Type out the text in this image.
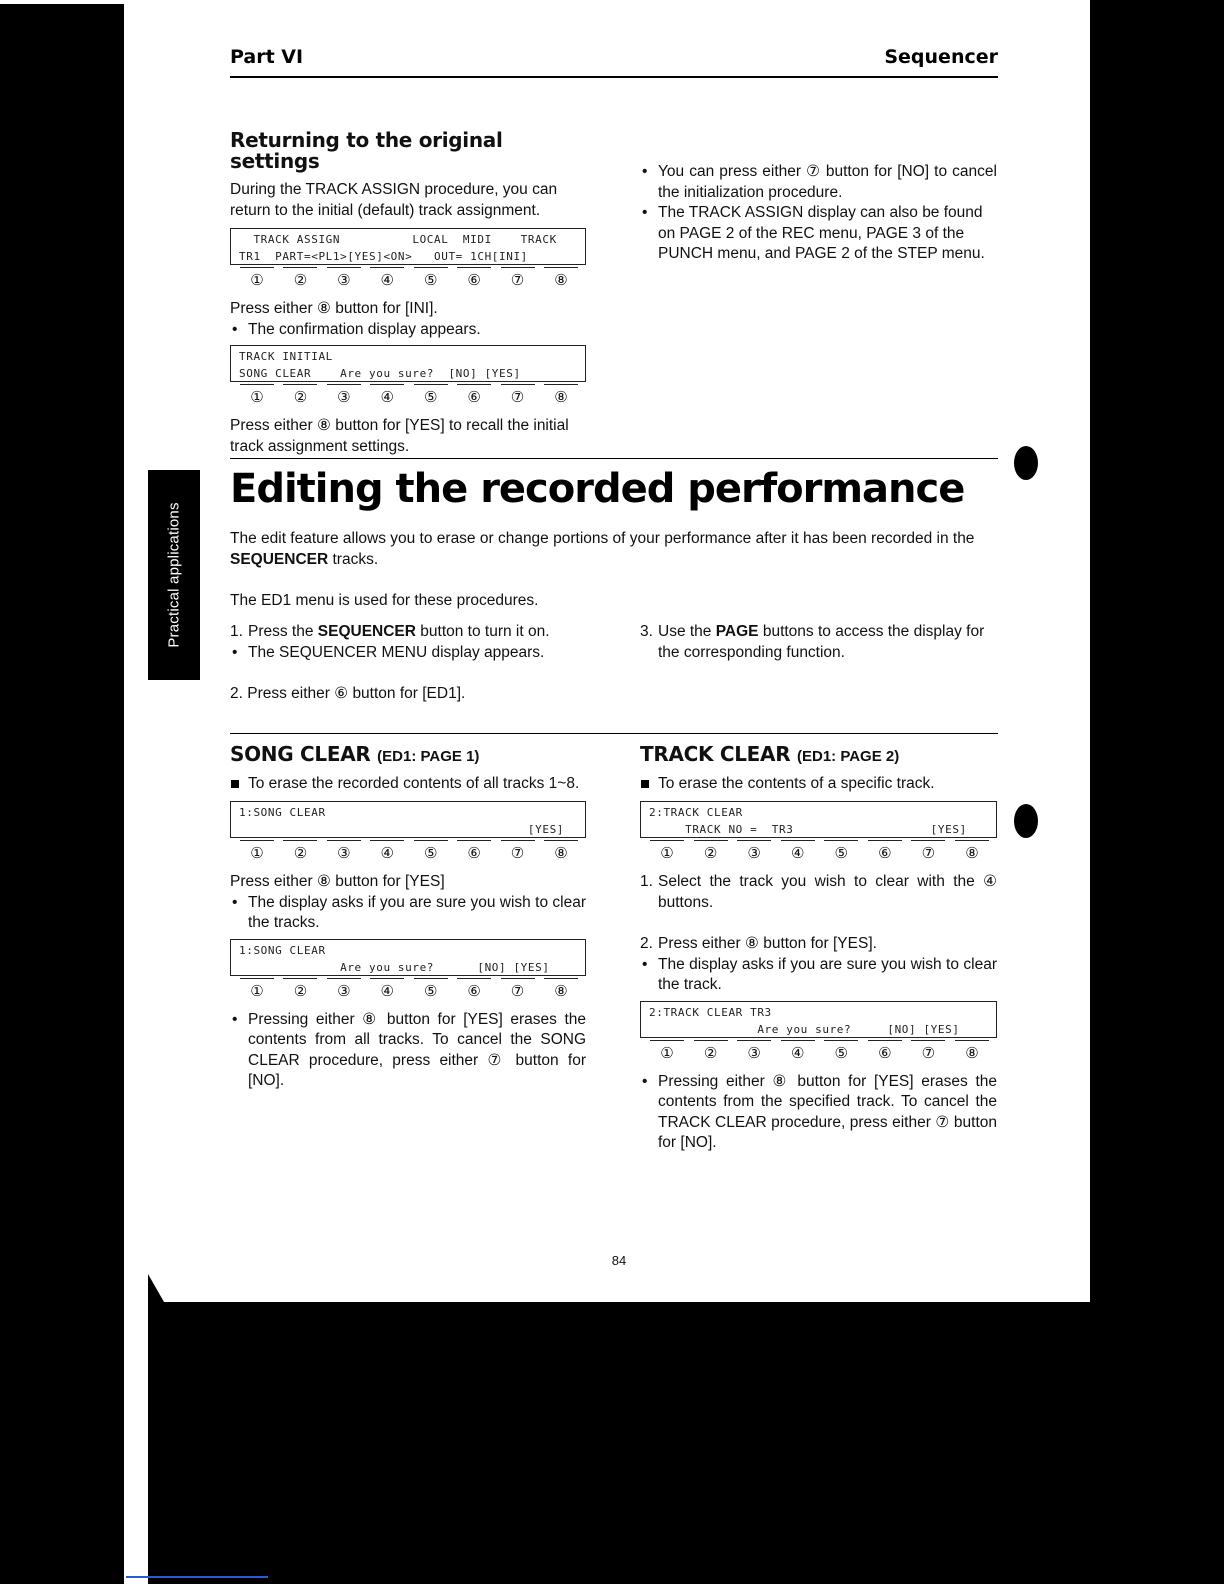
Practical applications
Part VI	Sequencer
Returning to the original settings

During the TRACK ASSIGN procedure, you can return to the initial (default) track assignment.

TRACK ASSIGN          LOCAL  MIDI    TRACK
TR1  PART=<PL1>[YES]<ON>   OUT= 1CH[INI]
①	②	③	④	⑤	⑥	⑦	⑧

Press either ⑧ button for [INI].

• The confirmation display appears.

TRACK INITIAL
SONG CLEAR    Are you sure?  [NO] [YES]
①	②	③	④	⑤	⑥	⑦	⑧

Press either ⑧ button for [YES] to recall the initial track assignment settings.

• You can press either ⑦ button for [NO] to cancel the initialization procedure.

• The TRACK ASSIGN display can also be found on PAGE 2 of the REC menu, PAGE 3 of the PUNCH menu, and PAGE 2 of the STEP menu.

Editing the recorded performance

The edit feature allows you to erase or change portions of your performance after it has been recorded in the SEQUENCER tracks.

The ED1 menu is used for these procedures.

1. Press the SEQUENCER button to turn it on.

• The SEQUENCER MENU display appears.

2. Press either ⑥ button for [ED1].

3. Use the PAGE buttons to access the display for the corresponding function.

SONG CLEAR (ED1: PAGE 1)

To erase the recorded contents of all tracks 1~8.

1:SONG CLEAR
[YES]
①	②	③	④	⑤	⑥	⑦	⑧

Press either ⑧ button for [YES]

• The display asks if you are sure you wish to clear the tracks.

1:SONG CLEAR
Are you sure?      [NO] [YES]
①	②	③	④	⑤	⑥	⑦	⑧

• Pressing either ⑧ button for [YES] erases the contents from all tracks. To cancel the SONG CLEAR procedure, press either ⑦ button for [NO].

TRACK CLEAR (ED1: PAGE 2)

To erase the contents of a specific track.

2:TRACK CLEAR
TRACK NO =  TR3                   [YES]
①	②	③	④	⑤	⑥	⑦	⑧

1. Select the track you wish to clear with the ④ buttons.

2. Press either ⑧ button for [YES].

• The display asks if you are sure you wish to clear the track.

2:TRACK CLEAR TR3
Are you sure?     [NO] [YES]
①	②	③	④	⑤	⑥	⑦	⑧

• Pressing either ⑧ button for [YES] erases the contents from the specified track. To cancel the TRACK CLEAR procedure, press either ⑦ button for [NO].

84
